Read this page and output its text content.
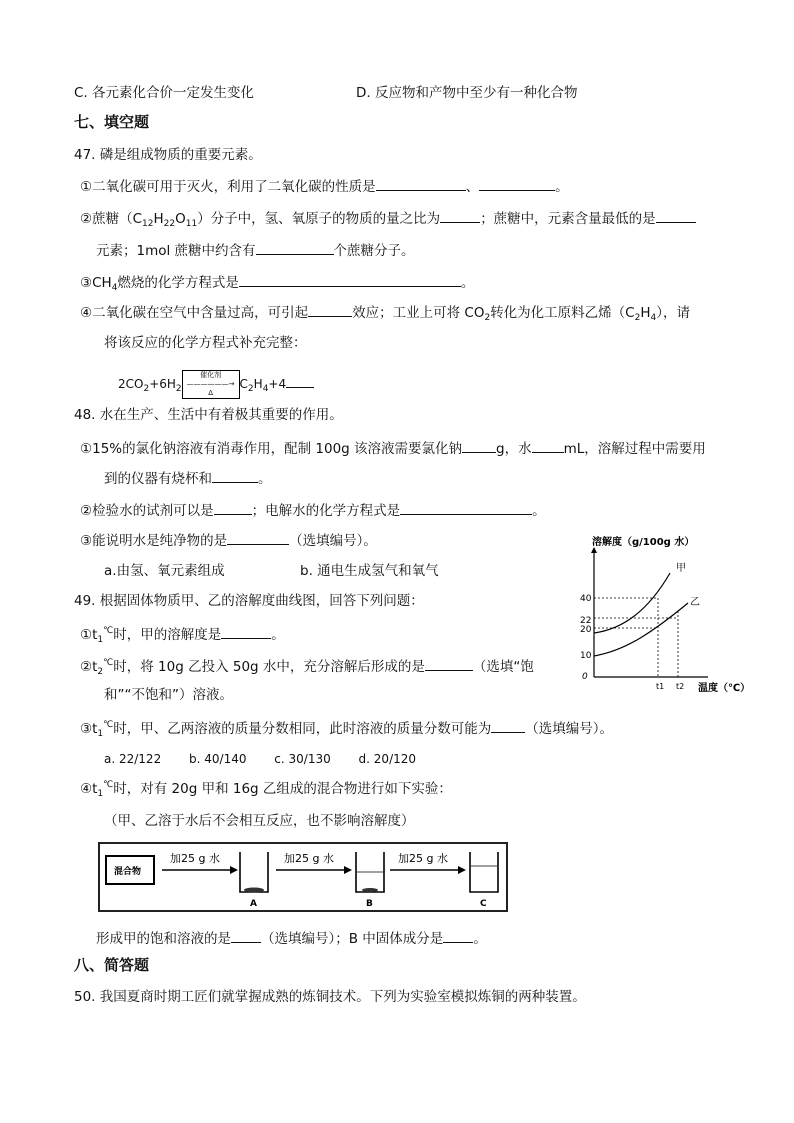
C. 各元素化合价一定发生变化	D. 反应物和产物中至少有一种化合物
七、填空题
47. 磷是组成物质的重要元素。
①二氧化碳可用于灭火，利用了二氧化碳的性质是	、	。
②蔗糖$(C_{12}H_{22}O_{11})$分子中，氢、氧原子的物质的量之比为	；蔗糖中，元素含量最低的是
元素；1mol 蔗糖中约含有	个蔗糖分子。
$③CH_4$燃烧的化学方程式是	。
④二氧化碳在空气中含量过高，可引起	效应；工业上可将 $CO_2$转化为化工原料乙烯$(C_2H_4)$，请
将该反应的化学方程式补充完整：
$2CO_2+6H_2$催化剂
——————→
$\Delta C_2H_4+4$
48. 水在生产、生活中有着极其重要的作用。
①15%的氯化钠溶液有消毒作用，配制 100g 该溶液需要氯化钠	g，水 mL，溶解过程中需要用
到的仪器有烧杯和	。
②检验水的试剂可以是	；电解水的化学方程式是	。
③能说明水是纯净物的是	（选填编号）。
a.由氢、氧元素组成	b. 通电生成氢气和氧气
49. 根据固体物质甲、乙的溶解度曲线图，回答下列问题：
$①t_1^℃$时，甲的溶解度是	。
$②t_2^℃$时，将 10g 乙投入 50g 水中，充分溶解后形成的是	（选填“饱
和”“不饱和”）溶液。
$③t_1^℃$时，甲、乙两溶液的质量分数相同，此时溶液的质量分数可能为	（选填编号）。
a. 22/122　　 b. 40/140　　 c. 30/130　　 d. 20/120
$④t_1^℃$时，对有 20g 甲和 16g 乙组成的混合物进行如下实验：
（甲、乙溶于水后不会相互反应，也不影响溶解度）
溶解度（g/100g 水）
40
22
20
10
0
甲
乙
t1 t2 温度（℃）
混合物
加25 g 水
A
加25 g 水
B
加25 g 水
C
形成甲的饱和溶液的是 （选填编号）；B 中固体成分是 。
八、简答题
50. 我国夏商时期工匠们就掌握成熟的炼铜技术。下列为实验室模拟炼铜的两种装置。
